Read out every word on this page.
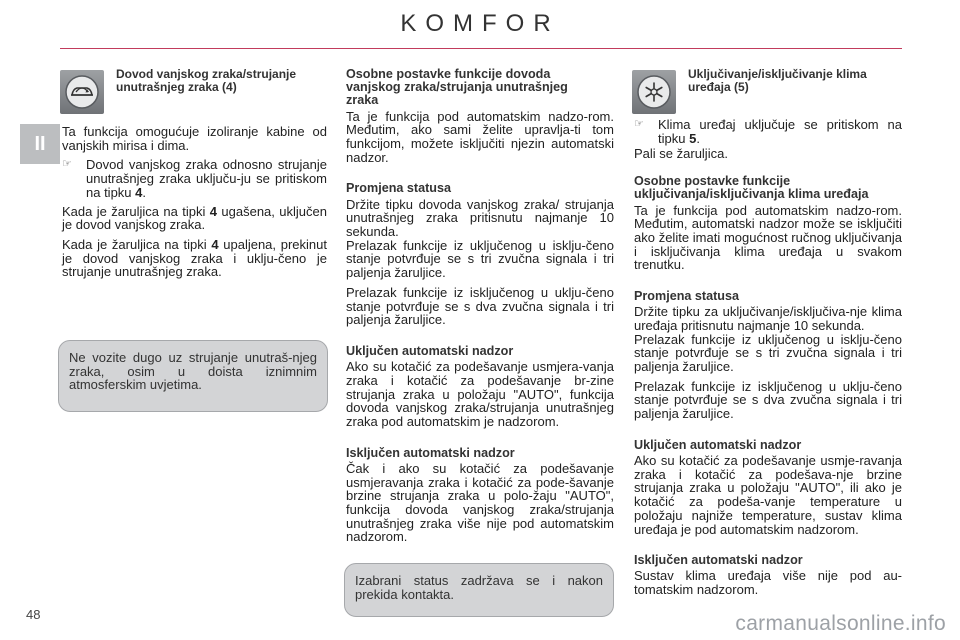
KOMFOR
II
Dovod vanjskog zraka/strujanje unutrašnjeg zraka (4)

Ta funkcija omogućuje izoliranje kabine od vanjskih mirisa i dima.

☞	Dovod vanjskog zraka odnosno strujanje unutrašnjeg zraka uključu-ju se pritiskom na tipku 4.

Kada je žaruljica na tipki 4 ugašena, uključen je dovod vanjskog zraka.

Kada je žaruljica na tipki 4 upaljena, prekinut je dovod vanjskog zraka i uklju-čeno je strujanje unutrašnjeg zraka.

Ne vozite dugo uz strujanje unutraš-njeg zraka, osim u doista iznimnim atmosferskim uvjetima.

Osobne postavke funkcije dovoda vanjskog zraka/strujanja unutrašnjeg zraka

Ta je funkcija pod automatskim nadzo-rom. Međutim, ako sami želite upravlja-ti tom funkcijom, možete isključiti njezin automatski nadzor.

Promjena statusa

Držite tipku dovoda vanjskog zraka/ strujanja unutrašnjeg zraka pritisnutu najmanje 10 sekunda.

Prelazak funkcije iz uključenog u isklju-čeno stanje potvrđuje se s tri zvučna signala i tri paljenja žaruljice.

Prelazak funkcije iz isključenog u uklju-čeno stanje potvrđuje se s dva zvučna signala i tri paljenja žaruljice.

Uključen automatski nadzor

Ako su kotačić za podešavanje usmjera-vanja zraka i kotačić za podešavanje br-zine strujanja zraka u položaju "AUTO", funkcija dovoda vanjskog zraka/strujanja unutrašnjeg zraka pod automatskim je nadzorom.

Isključen automatski nadzor

Čak i ako su kotačić za podešavanje usmjeravanja zraka i kotačić za pode-šavanje brzine strujanja zraka u polo-žaju "AUTO", funkcija dovoda vanjskog zraka/strujanja unutrašnjeg zraka više nije pod automatskim nadzorom.

Izabrani status zadržava se i nakon prekida kontakta.

Uključivanje/isključivanje klima uređaja (5)
☞	Klima uređaj uključuje se pritiskom na tipku 5.

Pali se žaruljica.

Osobne postavke funkcije uključivanja/isključivanja klima uređaja

Ta je funkcija pod automatskim nadzo-rom. Međutim, automatski nadzor može se isključiti ako želite imati mogućnost ručnog uključivanja i isključivanja klima uređaja u svakom trenutku.

Promjena statusa

Držite tipku za uključivanje/isključiva-nje klima uređaja pritisnutu najmanje 10 sekunda.

Prelazak funkcije iz uključenog u isklju-čeno stanje potvrđuje se s tri zvučna signala i tri paljenja žaruljice.

Prelazak funkcije iz isključenog u uklju-čeno stanje potvrđuje se s dva zvučna signala i tri paljenja žaruljice.

Uključen automatski nadzor

Ako su kotačić za podešavanje usmje-ravanja zraka i kotačić za podešava-nje brzine strujanja zraka u položaju "AUTO", ili ako je kotačić za podeša-vanje temperature u položaju najniže temperature, sustav klima uređaja je pod automatskim nadzorom.

Isključen automatski nadzor

Sustav klima uređaja više nije pod au-tomatskim nadzorom.

48	carmanualsonline.info
